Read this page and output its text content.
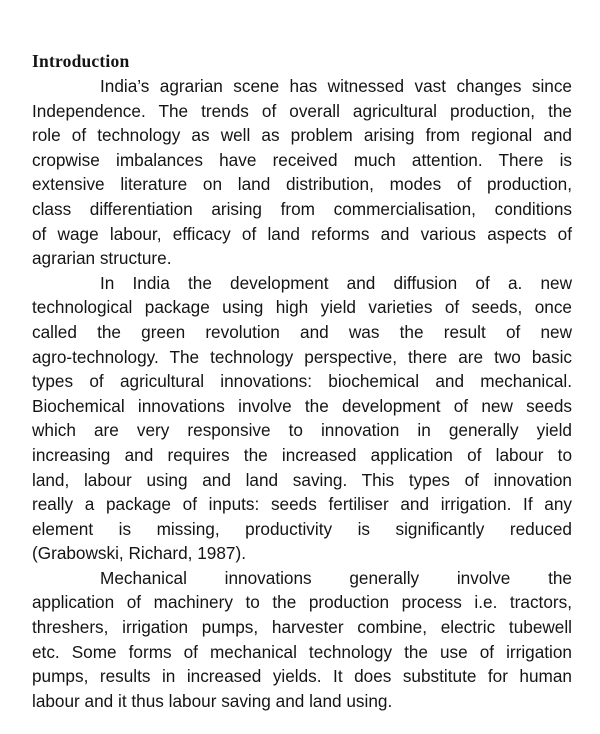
Introduction
India’s agrarian scene has witnessed vast changes since
Independence. The trends of overall agricultural production, the
role of technology as well as problem arising from regional and
cropwise imbalances have received much attention. There is
extensive literature on land distribution, modes of production,
class differentiation arising from commercialisation, conditions
of wage labour, efficacy of land reforms and various aspects of
agrarian structure.
In India the development and diffusion of a. new
technological package using high yield varieties of seeds, once
called the green revolution and was the result of new
agro-technology. The technology perspective, there are two basic
types of agricultural innovations: biochemical and mechanical.
Biochemical innovations involve the development of new seeds
which are very responsive to innovation in generally yield
increasing and requires the increased application of labour to
land, labour using and land saving. This types of innovation
really a package of inputs: seeds fertiliser and irrigation. If any
element is missing, productivity is significantly reduced
(Grabowski, Richard, 1987).
Mechanical innovations generally involve the
application of machinery to the production process i.e. tractors,
threshers, irrigation pumps, harvester combine, electric tubewell
etc. Some forms of mechanical technology the use of irrigation
pumps, results in increased yields. It does substitute for human
labour and it thus labour saving and land using.
